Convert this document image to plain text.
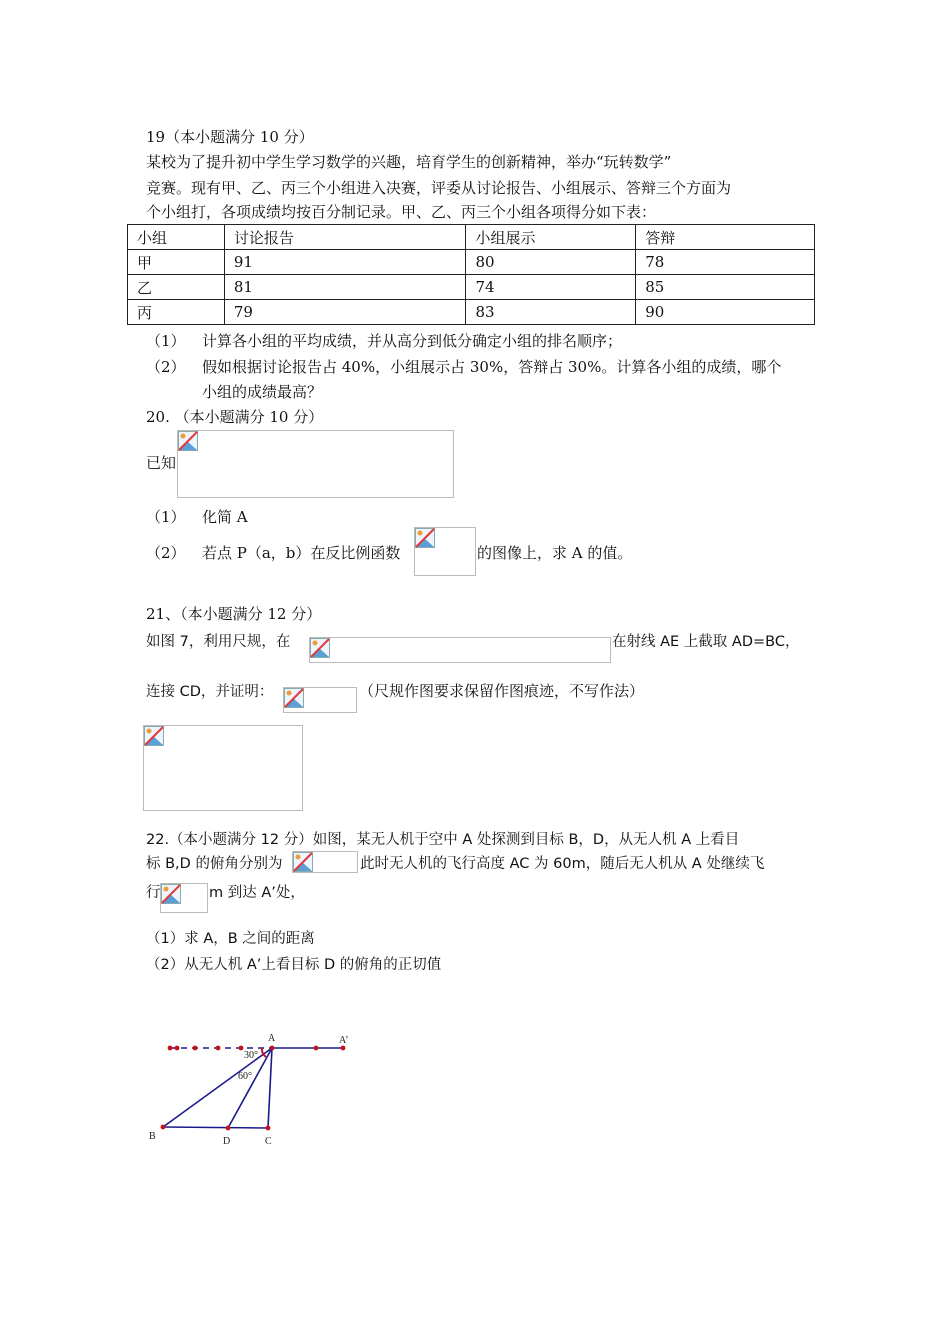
19（本小题满分 10 分）
某校为了提升初中学生学习数学的兴趣，培育学生的创新精神，举办“玩转数学”
竞赛。现有甲、乙、丙三个小组进入决赛，评委从讨论报告、小组展示、答辩三个方面为
个小组打，各项成绩均按百分制记录。甲、乙、丙三个小组各项得分如下表：
小组	讨论报告	小组展示	答辩
甲	91	80	78
乙	81	74	85
丙	79	83	90
（1） 计算各小组的平均成绩，并从高分到低分确定小组的排名顺序；
（2） 假如根据讨论报告占 40%，小组展示占 30%，答辩占 30%。计算各小组的成绩，哪个
小组的成绩最高？
20. （本小题满分 10 分）
已知
（1） 化简 A
（2） 若点 P（a，b）在反比例函数	的图像上，求 A 的值。
21、（本小题满分 12 分）
如图 7，利用尺规，在	在射线 AE 上截取 AD=BC，
连接 CD，并证明：	（尺规作图要求保留作图痕迹，不写作法）
22.（本小题满分 12 分）如图，某无人机于空中 A 处探测到目标 B，D，从无人机 A 上看目
标 B,D 的俯角分别为	此时无人机的飞行高度 AC 为 60m，随后无人机从 A 处继续飞
行	m 到达 A’处，
（1）求 A，B 之间的距离
（2）从无人机 A’上看目标 D 的俯角的正切值
A	A’
B	D	C
30°
60°
